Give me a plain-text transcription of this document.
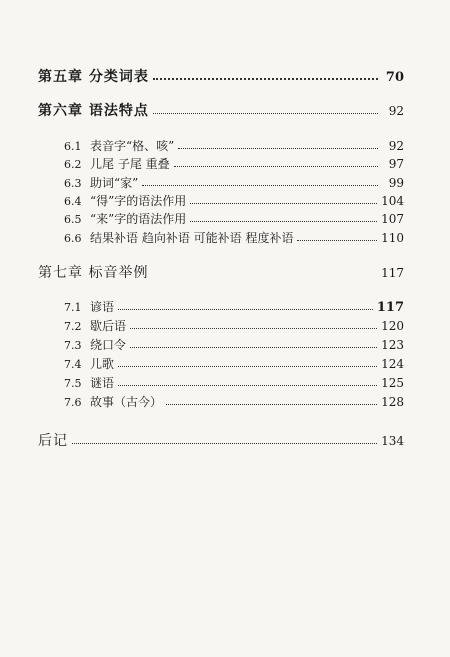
第五章 分类词表	70
第六章 语法特点	92
6.1 表音字“格、咳”	92
6.2 儿尾 子尾 重叠	97
6.3 助词“家”	99
6.4 “得”字的语法作用	104
6.5 “来”字的语法作用	107
6.6 结果补语 趋向补语 可能补语 程度补语	110
第七章 标音举例	117
7.1 谚语	117
7.2 歇后语	120
7.3 绕口令	123
7.4 儿歌	124
7.5 谜语	125
7.6 故事（古今）	128
后记	134
